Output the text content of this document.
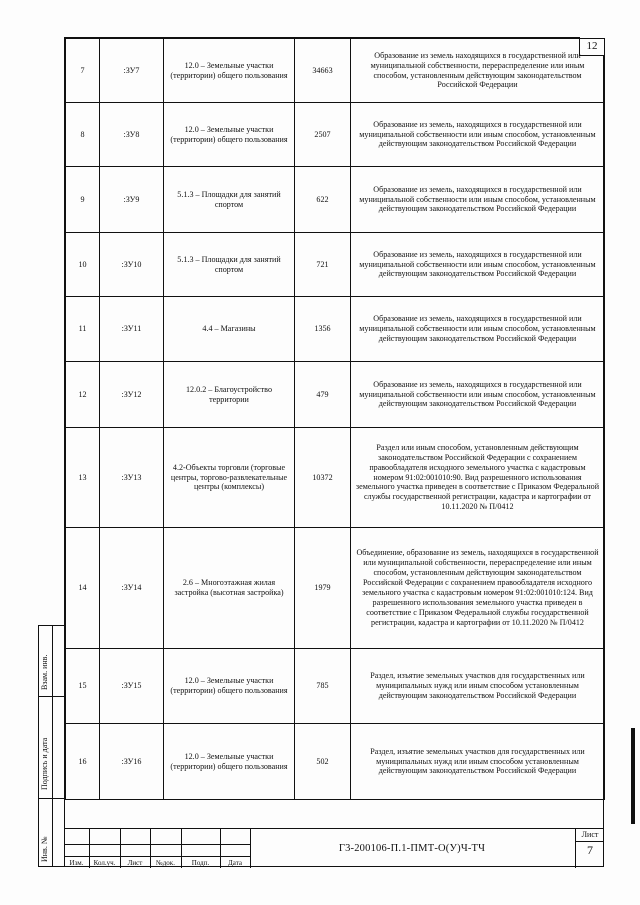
12
7	:ЗУ7	12.0 – Земельные участки (территории) общего пользования	34663	Образование из земель находящихся в государственной или муниципальной собственности, перераспределение или иным способом, установленным действующим законодательством Российской Федерации
8	:ЗУ8	12.0 – Земельные участки (территории) общего пользования	2507	Образование из земель, находящихся в государственной или муниципальной собственности или иным способом, установленным действующим законодательством Российской Федерации
9	:ЗУ9	5.1.3 – Площадки для занятий спортом	622	Образование из земель, находящихся в государственной или муниципальной собственности или иным способом, установленным действующим законодательством Российской Федерации
10	:ЗУ10	5.1.3 – Площадки для занятий спортом	721	Образование из земель, находящихся в государственной или муниципальной собственности или иным способом, установленным действующим законодательством Российской Федерации
11	:ЗУ11	4.4 – Магазины	1356	Образование из земель, находящихся в государственной или муниципальной собственности или иным способом, установленным действующим законодательством Российской Федерации
12	:ЗУ12	12.0.2 – Благоустройство территории	479	Образование из земель, находящихся в государственной или муниципальной собственности или иным способом, установленным действующим законодательством Российской Федерации
13	:ЗУ13	4.2-Объекты торговли (торговые центры, торгово-развлекательные центры (комплексы)	10372	Раздел или иным способом, установленным действующим законодательством Российской Федерации с сохранением правообладателя исходного земельного участка с кадастровым номером 91:02:001010:90. Вид разрешенного использования земельного участка приведен в соответствие с Приказом Федеральной службы государственной регистрации, кадастра и картографии от 10.11.2020 № П/0412
14	:ЗУ14	2.6 – Многоэтажная жилая застройка (высотная застройка)	1979	Объединение, образование из земель, находящихся в государственной или муниципальной собственности, перераспределение или иным способом, установленным действующим законодательством Российской Федерации с сохранением правообладателя исходного земельного участка с кадастровым номером 91:02:001010:124. Вид разрешенного использования земельного участка приведен в соответствие с Приказом Федеральной службы государственной регистрации, кадастра и картографии от 10.11.2020 № П/0412
15	:ЗУ15	12.0 – Земельные участки (территории) общего пользования	785	Раздел, изъятие земельных участков для государственных или муниципальных нужд или иным способом установленным действующим законодательством Российской Федерации
16	:ЗУ16	12.0 – Земельные участки (территории) общего пользования	502	Раздел, изъятие земельных участков для государственных или муниципальных нужд или иным способом установленным действующим законодательством Российской Федерации
Изм.	Кол.уч.	Лист	№док.	Подп.	Дата
Г3-200106-П.1-ПМТ-О(У)Ч-ТЧ
Лист
7
Взам. инв.
Подпись и дата
Инв. №
